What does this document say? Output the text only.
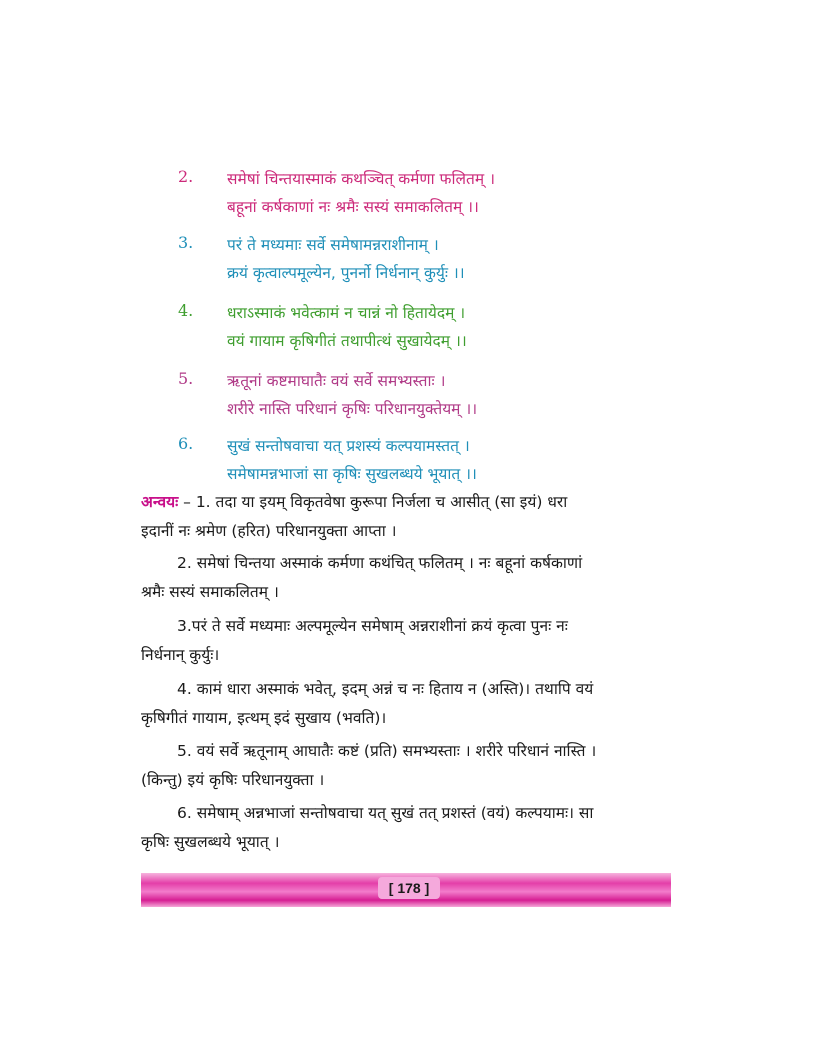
2. समेषां चिन्तयास्माकं कथञ्चित् कर्मणा फलितम् ।
बहूनां कर्षकाणां नः श्रमैः सस्यं समाकलितम् ।।
3. परं ते मध्यमाः सर्वे समेषामन्नराशीनाम् ।
क्रयं कृत्वाल्पमूल्येन, पुनर्नो निर्धनान् कुर्युः ।।
4. धराऽस्माकं भवेत्कामं न चान्नं नो हितायेदम् ।
वयं गायाम कृषिगीतं तथापीत्थं सुखायेदम् ।।
5. ऋतूनां कष्टमाघातैः वयं सर्वे समभ्यस्ताः ।
शरीरे नास्ति परिधानं कृषिः परिधानयुक्तेयम् ।।
6. सुखं सन्तोषवाचा यत् प्रशस्यं कल्पयामस्तत् ।
समेषामन्नभाजां सा कृषिः सुखलब्धये भूयात् ।।
अन्वयः – 1. तदा या इयम् विकृतवेषा कुरूपा निर्जला च आसीत् (सा इयं) धरा
इदानीं नः श्रमेण (हरित) परिधानयुक्ता आप्ता ।
2. समेषां चिन्तया अस्माकं कर्मणा कथंचित् फलितम् । नः बहूनां कर्षकाणां
श्रमैः सस्यं समाकलितम् ।
3.परं ते सर्वे मध्यमाः अल्पमूल्येन समेषाम् अन्नराशीनां क्रयं कृत्वा पुनः नः
निर्धनान् कुर्युः।
4. कामं धारा अस्माकं भवेत्, इदम् अन्नं च नः हिताय न (अस्ति)। तथापि वयं
कृषिगीतं गायाम, इत्थम् इदं सुखाय (भवति)।
5. वयं सर्वे ऋतूनाम् आघातैः कष्टं (प्रति) समभ्यस्ताः । शरीरे परिधानं नास्ति ।
(किन्तु) इयं कृषिः परिधानयुक्ता ।
6. समेषाम् अन्नभाजां सन्तोषवाचा यत् सुखं तत् प्रशस्तं (वयं) कल्पयामः। सा
कृषिः सुखलब्धये भूयात् ।
[ 178 ]
